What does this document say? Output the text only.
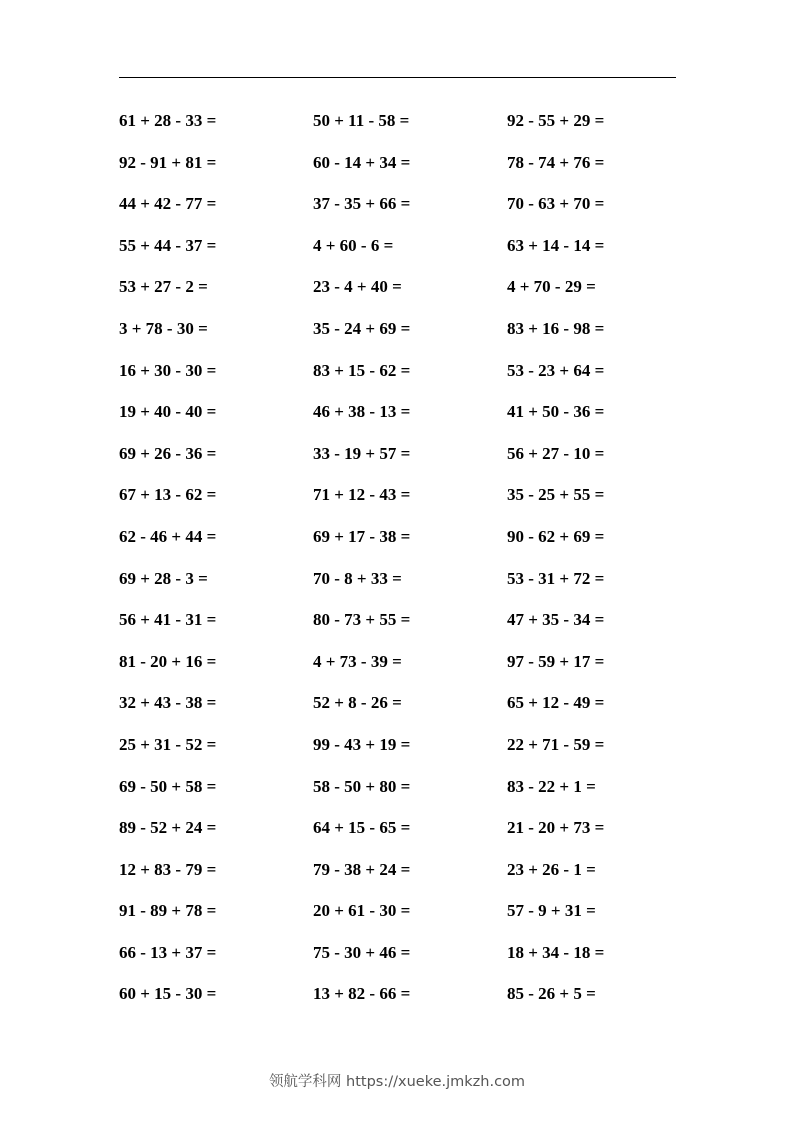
61 + 28 - 33 =	50 + 11 - 58 =	92 - 55 + 29 =
92 - 91 + 81 =	60 - 14 + 34 =	78 - 74 + 76 =
44 + 42 - 77 =	37 - 35 + 66 =	70 - 63 + 70 =
55 + 44 - 37 =	4 + 60 - 6 =	63 + 14 - 14 =
53 + 27 - 2 =	23 - 4 + 40 =	4 + 70 - 29 =
3 + 78 - 30 =	35 - 24 + 69 =	83 + 16 - 98 =
16 + 30 - 30 =	83 + 15 - 62 =	53 - 23 + 64 =
19 + 40 - 40 =	46 + 38 - 13 =	41 + 50 - 36 =
69 + 26 - 36 =	33 - 19 + 57 =	56 + 27 - 10 =
67 + 13 - 62 =	71 + 12 - 43 =	35 - 25 + 55 =
62 - 46 + 44 =	69 + 17 - 38 =	90 - 62 + 69 =
69 + 28 - 3 =	70 - 8 + 33 =	53 - 31 + 72 =
56 + 41 - 31 =	80 - 73 + 55 =	47 + 35 - 34 =
81 - 20 + 16 =	4 + 73 - 39 =	97 - 59 + 17 =
32 + 43 - 38 =	52 + 8 - 26 =	65 + 12 - 49 =
25 + 31 - 52 =	99 - 43 + 19 =	22 + 71 - 59 =
69 - 50 + 58 =	58 - 50 + 80 =	83 - 22 + 1 =
89 - 52 + 24 =	64 + 15 - 65 =	21 - 20 + 73 =
12 + 83 - 79 =	79 - 38 + 24 =	23 + 26 - 1 =
91 - 89 + 78 =	20 + 61 - 30 =	57 - 9 + 31 =
66 - 13 + 37 =	75 - 30 + 46 =	18 + 34 - 18 =
60 + 15 - 30 =	13 + 82 - 66 =	85 - 26 + 5 =
领航学科网 https://xueke.jmkzh.com
